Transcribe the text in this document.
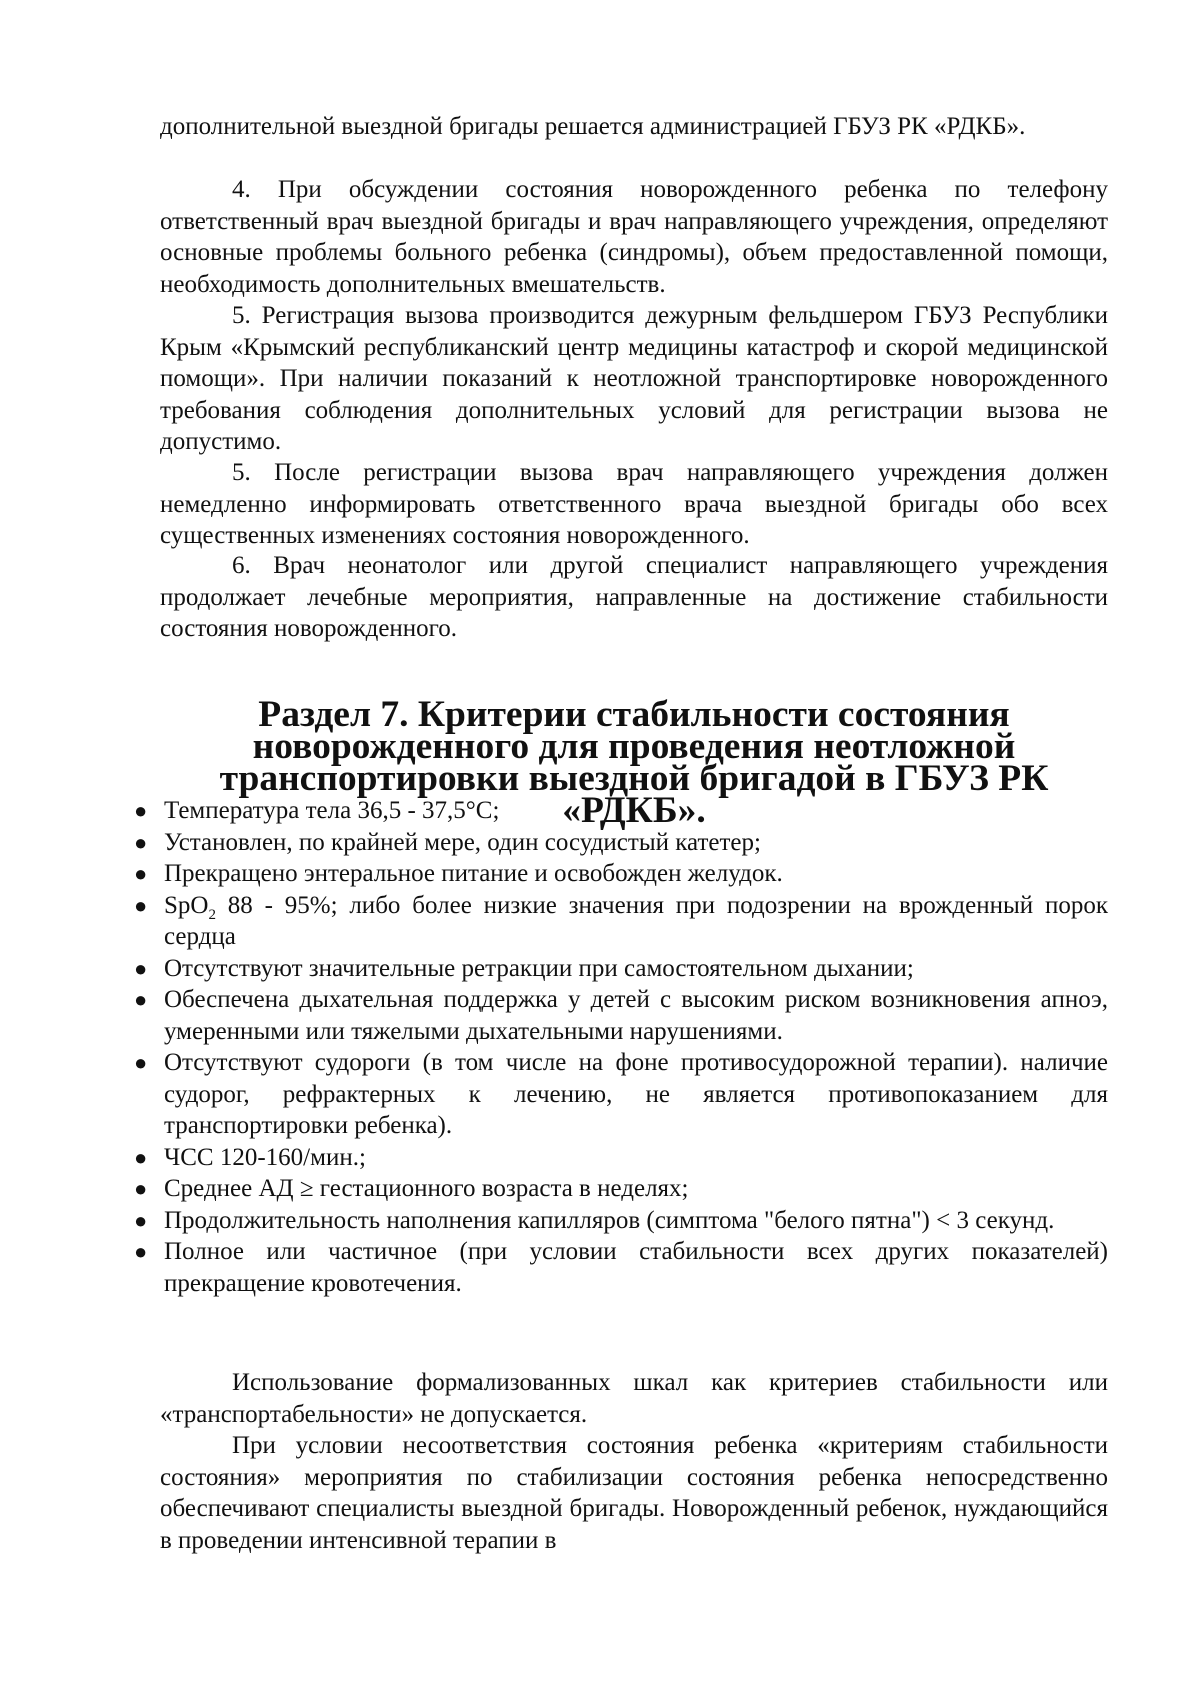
дополнительной выездной бригады решается администрацией ГБУЗ РК «РДКБ».

4. При обсуждении состояния новорожденного ребенка по телефону ответственный врач выездной бригады и врач направляющего учреждения, определяют основные проблемы больного ребенка (синдромы), объем предоставленной помощи, необходимость дополнительных вмешательств.

5. Регистрация вызова производится дежурным фельдшером ГБУЗ Республики Крым «Крымский республиканский центр медицины катастроф и скорой медицинской помощи». При наличии показаний к неотложной транспортировке новорожденного требования соблюдения дополнительных условий для регистрации вызова не допустимо.

5. После регистрации вызова врач направляющего учреждения должен немедленно информировать ответственного врача выездной бригады обо всех существенных изменениях состояния новорожденного.

6. Врач неонатолог или другой специалист направляющего учреждения продолжает лечебные мероприятия, направленные на достижение стабильности состояния новорожденного.

Раздел 7. Критерии стабильности состояния новорожденного для проведения неотложной транспортировки выездной бригадой в ГБУЗ РК «РДКБ».
● Температура тела 36,5 - 37,5°С;
● Установлен, по крайней мере, один сосудистый катетер;
● Прекращено энтеральное питание и освобожден желудок.
● SpO$_2$ 88 - 95%; либо более низкие значения при подозрении на врожденный порок сердца
● Отсутствуют значительные ретракции при самостоятельном дыхании;
● Обеспечена дыхательная поддержка у детей с высоким риском возникновения апноэ, умеренными или тяжелыми дыхательными нарушениями.
● Отсутствуют судороги (в том числе на фоне противосудорожной терапии). наличие судорог, рефрактерных к лечению, не является противопоказанием для транспортировки ребенка).
● ЧСС 120-160/мин.;
● Среднее АД ≥ гестационного возраста в неделях;
● Продолжительность наполнения капилляров (симптома "белого пятна") < 3 секунд.
● Полное или частичное (при условии стабильности всех других показателей) прекращение кровотечения.

Использование формализованных шкал как критериев стабильности или «транспортабельности» не допускается.

При условии несоответствия состояния ребенка «критериям стабильности состояния» мероприятия по стабилизации состояния ребенка непосредственно обеспечивают специалисты выездной бригады. Новорожденный ребенок, нуждающийся в проведении интенсивной терапии в
